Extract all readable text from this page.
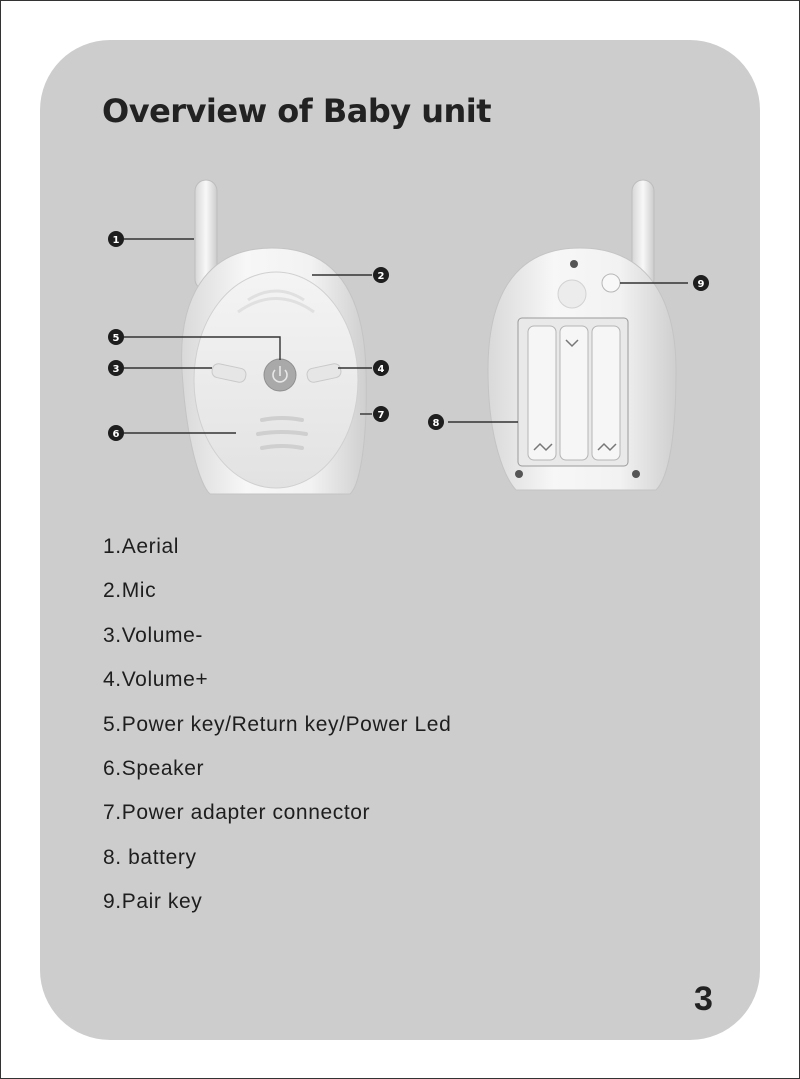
Overview of Baby unit
1
2
3	4
5
6
7
8
9
1.Aerial
2.Mic
3.Volume-
4.Volume+
5.Power key/Return key/Power Led
6.Speaker
7.Power adapter connector
8. battery
9.Pair key
3
